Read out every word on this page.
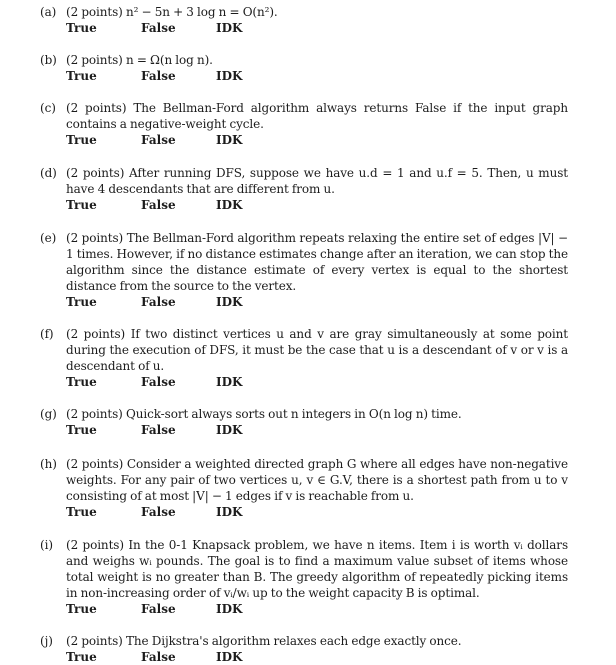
(a) (2 points) n² − 5n + 3 log n = O(n²).
True	False	IDK
(b) (2 points) n = Ω(n log n).
True	False	IDK
(c) (2 points) The Bellman-Ford algorithm always returns False if the input graph contains a negative-weight cycle.
True	False	IDK
(d) (2 points) After running DFS, suppose we have u.d = 1 and u.f = 5. Then, u must have 4 descendants that are different from u.
True	False	IDK
(e) (2 points) The Bellman-Ford algorithm repeats relaxing the entire set of edges |V| − 1 times. However, if no distance estimates change after an iteration, we can stop the algorithm since the distance estimate of every vertex is equal to the shortest distance from the source to the vertex.
True	False	IDK
(f) (2 points) If two distinct vertices u and v are gray simultaneously at some point during the execution of DFS, it must be the case that u is a descendant of v or v is a descendant of u.
True	False	IDK
(g) (2 points) Quick-sort always sorts out n integers in O(n log n) time.
True	False	IDK
(h) (2 points) Consider a weighted directed graph G where all edges have non-negative weights. For any pair of two vertices u, v ∈ G.V, there is a shortest path from u to v consisting of at most |V| − 1 edges if v is reachable from u.
True	False	IDK
(i) (2 points) In the 0-1 Knapsack problem, we have n items. Item i is worth vᵢ dollars and weighs wᵢ pounds. The goal is to find a maximum value subset of items whose total weight is no greater than B. The greedy algorithm of repeatedly picking items in non-increasing order of vᵢ/wᵢ up to the weight capacity B is optimal.
True	False	IDK
(j) (2 points) The Dijkstra's algorithm relaxes each edge exactly once.
True	False	IDK
